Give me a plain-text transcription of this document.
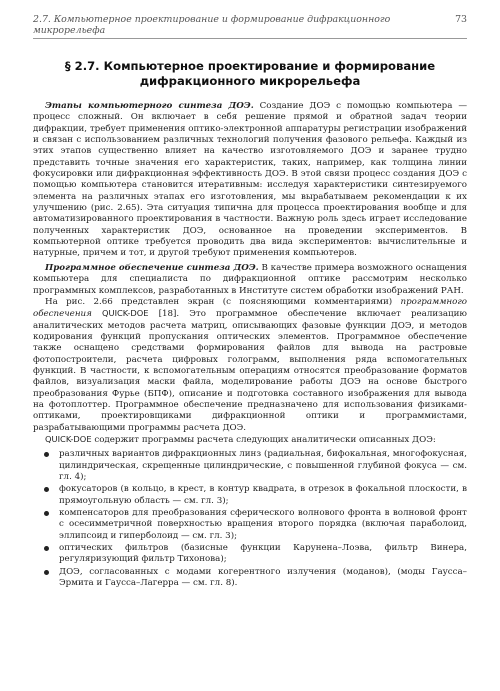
2.7. Компьютерное проектирование и формирование дифракционного микрорельефа
73
§ 2.7. Компьютерное проектирование и формирование
дифракционного микрорельефа

Этапы компьютерного синтеза ДОЭ. Создание ДОЭ с помощью компьютера — процесс сложный. Он включает в себя решение прямой и обратной задач теории дифракции, требует применения оптико-электронной аппаратуры регистрации изображений и связан с использованием различных технологий получения фазового рельефа. Каждый из этих этапов существенно влияет на качество изготовляемого ДОЭ и заранее трудно представить точные значения его характеристик, таких, например, как толщина линии фокусировки или дифракционная эффективность ДОЭ. В этой связи процесс создания ДОЭ с помощью компьютера становится итеративным: исследуя характеристики синтезируемого элемента на различных этапах его изготовления, мы вырабатываем рекомендации к их улучшению (рис. 2.65). Эта ситуация типична для процесса проектирования вообще и для автоматизированного проектирования в частности. Важную роль здесь играет исследование полученных характеристик ДОЭ, основанное на проведении экспериментов. В компьютерной оптике требуется проводить два вида экспериментов: вычислительные и натурные, причем и тот, и другой требуют применения компьютеров.

Программное обеспечение синтеза ДОЭ. В качестве примера возможного оснащения компьютера для специалиста по дифракционной оптике рассмотрим несколько программных комплексов, разработанных в Институте систем обработки изображений РАН.

На рис. 2.66 представлен экран (с поясняющими комментариями) программного обеспечения QUICK-DOE [18]. Это программное обеспечение включает реализацию аналитических методов расчета матриц, описывающих фазовые функции ДОЭ, и методов кодирования функций пропускания оптических элементов. Программное обеспечение также оснащено средствами формирования файлов для вывода на растровые фотопостроители, расчета цифровых голограмм, выполнения ряда вспомогательных функций. В частности, к вспомогательным операциям относятся преобразование форматов файлов, визуализация маски файла, моделирование работы ДОЭ на основе быстрого преобразования Фурье (БПФ), описание и подготовка составного изображения для вывода на фотоплоттер. Программное обеспечение предназначено для использования физиками-оптиками, проектировщиками дифракционной оптики и программистами, разрабатывающими программы расчета ДОЭ.

QUICK-DOE содержит программы расчета следующих аналитически описанных ДОЭ:

различных вариантов дифракционных линз (радиальная, бифокальная, многофокусная, цилиндрическая, скрещенные цилиндрические, с повышенной глубиной фокуса — см. гл. 4);
фокусаторов (в кольцо, в крест, в контур квадрата, в отрезок в фокальной плоскости, в прямоугольную область — см. гл. 3);
компенсаторов для преобразования сферического волнового фронта в волновой фронт с осесимметричной поверхностью вращения второго порядка (включая параболоид, эллипсоид и гиперболоид — см. гл. 3);
оптических фильтров (базисные функции Карунена–Лоэва, фильтр Винера, регуляризующий фильтр Тихонова);
ДОЭ, согласованных с модами когерентного излучения (моданов), (моды Гаусса–Эрмита и Гаусса–Лагерра — см. гл. 8).
